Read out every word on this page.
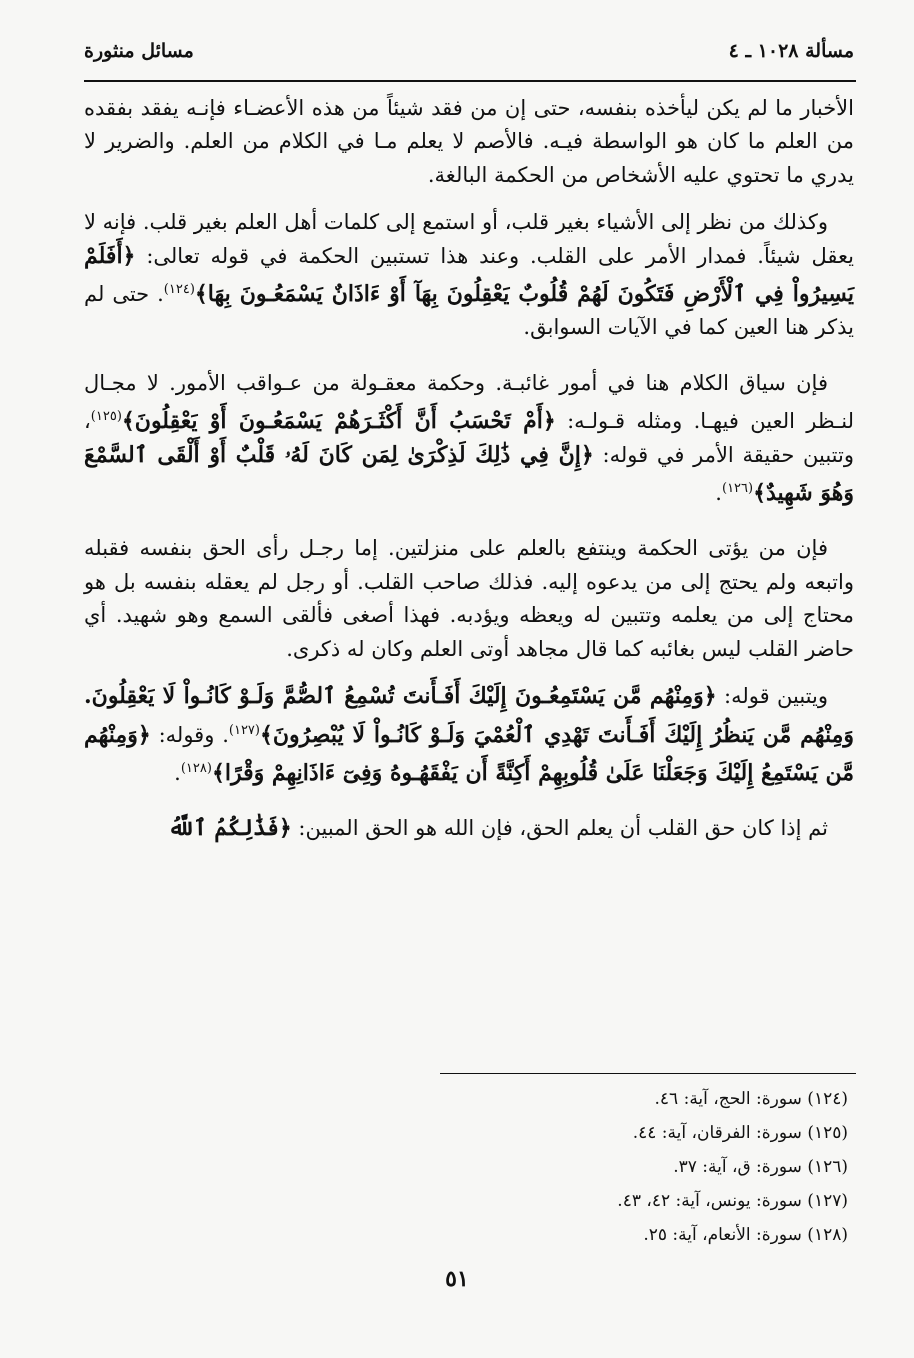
مسألة ١٠٢٨ ـ ٤
مسائل منثورة

الأخبار ما لم يكن ليأخذه بنفسه، حتى إن من فقد شيئاً من هذه الأعضـاء فإنـه يفقد بفقده من العلم ما كان هو الواسطة فيـه. فالأصم لا يعلم مـا في الكلام من العلم. والضرير لا يدري ما تحتوي عليه الأشخاص من الحكمة البالغة.

وكذلك من نظر إلى الأشياء بغير قلب، أو استمع إلى كلمات أهل العلم بغير قلب. فإنه لا يعقل شيئاً. فمدار الأمر على القلب. وعند هذا تستبين الحكمة في قوله تعالى: ﴿أَفَلَمْ يَسِيرُواْ فِي ٱلْأَرْضِ فَتَكُونَ لَهُمْ قُلُوبٌ يَعْقِلُونَ بِهَآ أَوْ ءَاذَانٌ يَسْمَعُـونَ بِهَا﴾$^{(١٢٤)}$. حتى لم يذكر هنا العين كما في الآيات السوابق.

فإن سياق الكلام هنا في أمور غائبـة. وحكمة معقـولة من عـواقب الأمور. لا مجـال لنـظر العين فيهـا. ومثله قـولـه: ﴿أَمْ تَحْسَبُ أَنَّ أَكْثَـرَهُمْ يَسْمَعُـونَ أَوْ يَعْقِلُونَ﴾$^{(١٢٥)}$، وتتبين حقيقة الأمر في قوله: ﴿إِنَّ فِي ذَٰلِكَ لَذِكْرَىٰ لِمَن كَانَ لَهُۥ قَلْبٌ أَوْ أَلْقَى ٱلسَّمْعَ وَهُوَ شَهِيدٌ﴾$^{(١٢٦)}$.

فإن من يؤتى الحكمة وينتفع بالعلم على منزلتين. إما رجـل رأى الحق بنفسه فقبله واتبعه ولم يحتج إلى من يدعوه إليه. فذلك صاحب القلب. أو رجل لم يعقله بنفسه بل هو محتاج إلى من يعلمه وتتبين له ويعظه ويؤدبه. فهذا أصغى فألقى السمع وهو شهيد. أي حاضر القلب ليس بغائبه كما قال مجاهد أوتى العلم وكان له ذكرى.

ويتبين قوله: ﴿وَمِنْهُم مَّن يَسْتَمِعُـونَ إِلَيْكَ أَفَـأَنتَ تُسْمِعُ ٱلصُّمَّ وَلَـوْ كَانُـواْ لَا يَعْقِلُونَ. وَمِنْهُم مَّن يَنظُرُ إِلَيْكَ أَفَـأَنتَ تَهْدِي ٱلْعُمْيَ وَلَـوْ كَانُـواْ لَا يُبْصِرُونَ﴾$^{(١٢٧)}$. وقوله: ﴿وَمِنْهُم مَّن يَسْتَمِعُ إِلَيْكَ وَجَعَلْنَا عَلَىٰ قُلُوبِهِمْ أَكِنَّةً أَن يَفْقَهُـوهُ وَفِىٓ ءَاذَانِهِمْ وَقْرًا﴾$^{(١٢٨)}$.

ثم إذا كان حق القلب أن يعلم الحق، فإن الله هو الحق المبين: ﴿فَذَٰلِكُمُ ٱللَّهُ

(١٢٤) سورة: الحج، آية: ٤٦.
(١٢٥) سورة: الفرقان، آية: ٤٤.
(١٢٦) سورة: ق، آية: ٣٧.
(١٢٧) سورة: يونس، آية: ٤٢، ٤٣.
(١٢٨) سورة: الأنعام، آية: ٢٥.
٥١
